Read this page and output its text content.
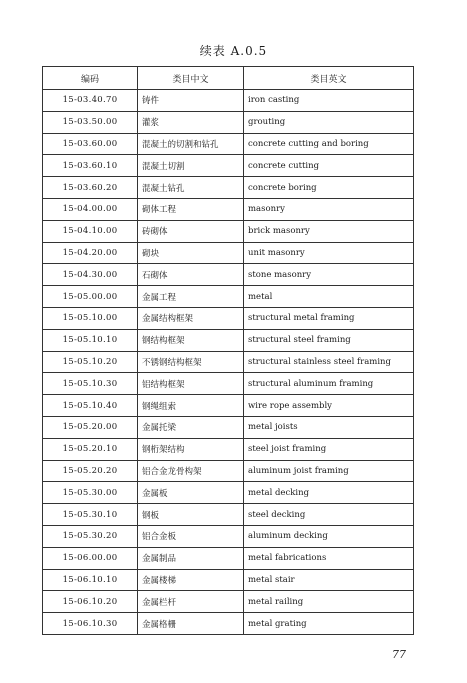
续表 A.0.5
编码	类目中文	类目英文
15-03.40.70	铸件	iron casting
15-03.50.00	灌浆	grouting
15-03.60.00	混凝土的切割和钻孔	concrete cutting and boring
15-03.60.10	混凝土切割	concrete cutting
15-03.60.20	混凝土钻孔	concrete boring
15-04.00.00	砌体工程	masonry
15-04.10.00	砖砌体	brick masonry
15-04.20.00	砌块	unit masonry
15-04.30.00	石砌体	stone masonry
15-05.00.00	金属工程	metal
15-05.10.00	金属结构框架	structural metal framing
15-05.10.10	钢结构框架	structural steel framing
15-05.10.20	不锈钢结构框架	structural stainless steel framing
15-05.10.30	铝结构框架	structural aluminum framing
15-05.10.40	钢绳组索	wire rope assembly
15-05.20.00	金属托梁	metal joists
15-05.20.10	钢桁架结构	steel joist framing
15-05.20.20	铝合金龙骨构架	aluminum joist framing
15-05.30.00	金属板	metal decking
15-05.30.10	钢板	steel decking
15-05.30.20	铝合金板	aluminum decking
15-06.00.00	金属制品	metal fabrications
15-06.10.10	金属楼梯	metal stair
15-06.10.20	金属栏杆	metal railing
15-06.10.30	金属格栅	metal grating
77
